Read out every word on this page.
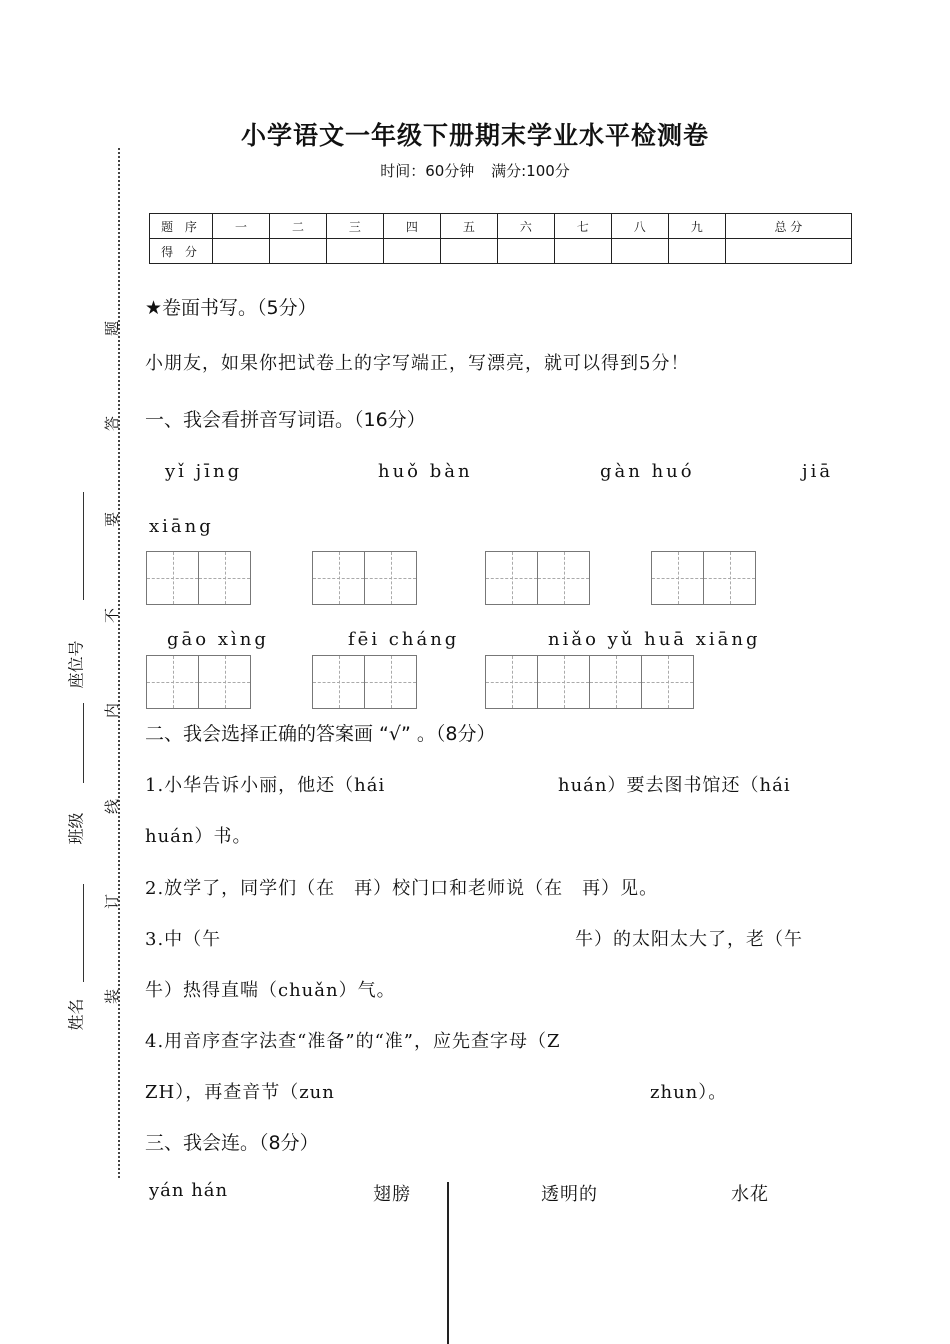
题
答
要
不
内
线
订
装
座位号
班级
姓名
小学语文一年级下册期末学业水平检测卷
时间：60分钟 满分:100分
题 序	一	二	三	四	五	六	七	八	九	总 分
得 分										
★卷面书写。（5分）
小朋友，如果你把试卷上的字写端正，写漂亮，就可以得到5分！
一、我会看拼音写词语。（16分）
yǐ jīng	huǒ bàn	gàn huó	jiā
xiāng
gāo xìng	fēi cháng	niǎo yǔ huā xiāng
二、我会选择正确的答案画 “√” 。（8分）
1.小华告诉小丽，他还（hái	huán）要去图书馆还（hái
huán）书。
2.放学了，同学们（在　再）校门口和老师说（在　再）见。
3.中（午	牛）的太阳太大了，老（午
牛）热得直喘（chuǎn）气。
4.用音序查字法查“准备”的“准”，应先查字母（Z
ZH），再查音节（zun	zhun）。
三、我会连。（8分）
yán hán	翅膀	透明的	水花
